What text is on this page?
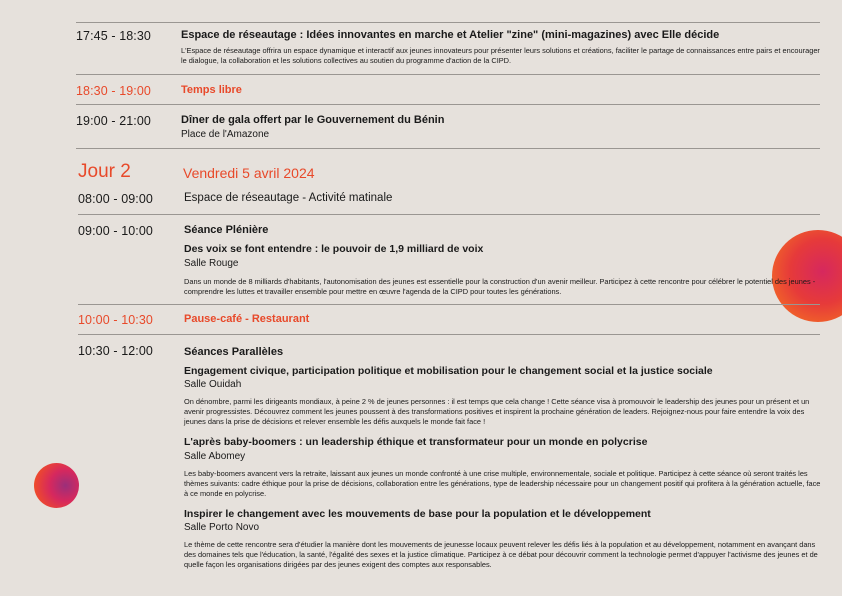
17:45 - 18:30	Espace de réseautage : Idées innovantes en marche et Atelier "zine" (mini-magazines) avec Elle décide
L'Espace de réseautage offrira un espace dynamique et interactif aux jeunes innovateurs pour présenter leurs solutions et créations, faciliter le partage de connaissances entre pairs et encourager le dialogue, la collaboration et les solutions collectives au soutien du programme d'action de la CIPD.
18:30 - 19:00	Temps libre
19:00 - 21:00	Dîner de gala offert par le Gouvernement du Bénin
Place de l'Amazone
Jour 2	Vendredi 5 avril 2024
08:00 - 09:00	Espace de réseautage - Activité matinale
09:00 - 10:00	Séance Plénière
Des voix se font entendre : le pouvoir de 1,9 milliard de voix
Salle Rouge
Dans un monde de 8 milliards d'habitants, l'autonomisation des jeunes est essentielle pour la construction d'un avenir meilleur. Participez à cette rencontre pour célébrer le potentiel des jeunes - comprendre les luttes et travailler ensemble pour mettre en œuvre l'agenda de la CIPD pour toutes les générations.
10:00 - 10:30	Pause-café - Restaurant
10:30 - 12:00	Séances Parallèles
Engagement civique, participation politique et mobilisation pour le changement social et la justice sociale
Salle Ouidah
On dénombre, parmi les dirigeants mondiaux, à peine 2 % de jeunes personnes : il est temps que cela change ! Cette séance visa à promouvoir le leadership des jeunes pour un présent et un avenir progressistes. Découvrez comment les jeunes poussent à des transformations positives et inspirent la prochaine génération de leaders. Rejoignez-nous pour faire entendre la voix des jeunes dans la prise de décisions et relever ensemble les défis auxquels le monde fait face !
L'après baby-boomers : un leadership éthique et transformateur pour un monde en polycrise
Salle Abomey
Les baby-boomers avancent vers la retraite, laissant aux jeunes un monde confronté à une crise multiple, environnementale, sociale et politique. Participez à cette séance où seront traités les thèmes suivants: cadre éthique pour la prise de décisions, collaboration entre les générations, type de leadership nécessaire pour un changement positif qui profitera à la génération actuelle, face à ce monde en polycrise.
Inspirer le changement avec les mouvements de base pour la population et le développement
Salle Porto Novo
Le thème de cette rencontre sera d'étudier la manière dont les mouvements de jeunesse locaux peuvent relever les défis liés à la population et au développement, notamment en avançant dans des domaines tels que l'éducation, la santé, l'égalité des sexes et la justice climatique. Participez à ce débat pour découvrir comment la technologie permet d'appuyer l'activisme des jeunes et de quelle façon les organisations dirigées par des jeunes exigent des comptes aux responsables.
